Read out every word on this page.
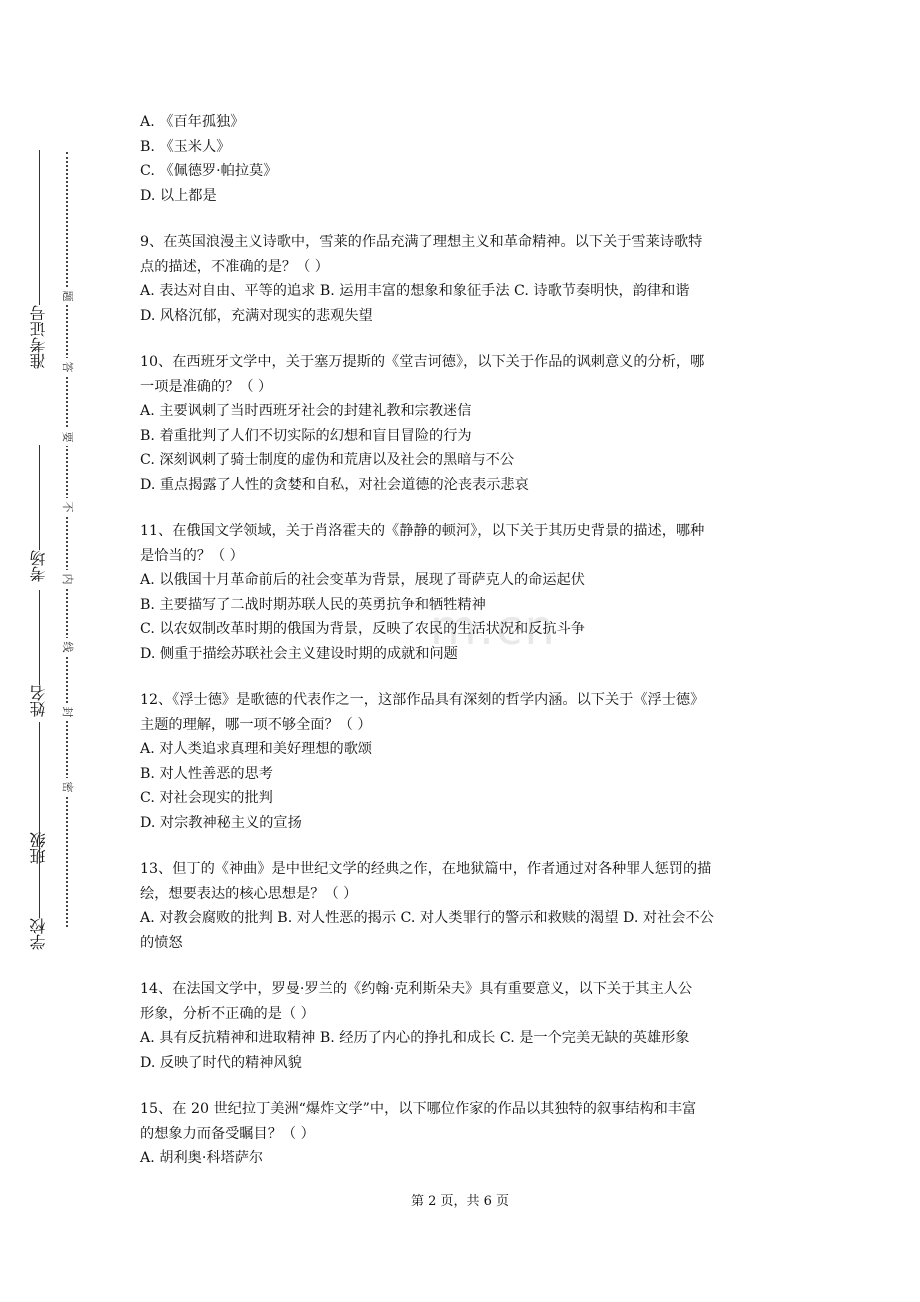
准考证号
考场
姓名
班级
学校
密
封
线
内
不
要
答
题
m.cn

A. 《百年孤独》

B. 《玉米人》

C. 《佩德罗·帕拉莫》

D. 以上都是

9、在英国浪漫主义诗歌中，雪莱的作品充满了理想主义和革命精神。以下关于雪莱诗歌特

点的描述，不准确的是？（ ）

A. 表达对自由、平等的追求 B. 运用丰富的想象和象征手法 C. 诗歌节奏明快，韵律和谐

D. 风格沉郁，充满对现实的悲观失望

10、在西班牙文学中，关于塞万提斯的《堂吉诃德》，以下关于作品的讽刺意义的分析，哪

一项是准确的？（ ）

A. 主要讽刺了当时西班牙社会的封建礼教和宗教迷信

B. 着重批判了人们不切实际的幻想和盲目冒险的行为

C. 深刻讽刺了骑士制度的虚伪和荒唐以及社会的黑暗与不公

D. 重点揭露了人性的贪婪和自私，对社会道德的沦丧表示悲哀

11、在俄国文学领域，关于肖洛霍夫的《静静的顿河》，以下关于其历史背景的描述，哪种

是恰当的？（ ）

A. 以俄国十月革命前后的社会变革为背景，展现了哥萨克人的命运起伏

B. 主要描写了二战时期苏联人民的英勇抗争和牺牲精神

C. 以农奴制改革时期的俄国为背景，反映了农民的生活状况和反抗斗争

D. 侧重于描绘苏联社会主义建设时期的成就和问题

12、《浮士德》是歌德的代表作之一，这部作品具有深刻的哲学内涵。以下关于《浮士德》

主题的理解，哪一项不够全面？（ ）

A. 对人类追求真理和美好理想的歌颂

B. 对人性善恶的思考

C. 对社会现实的批判

D. 对宗教神秘主义的宣扬

13、但丁的《神曲》是中世纪文学的经典之作，在地狱篇中，作者通过对各种罪人惩罚的描

绘，想要表达的核心思想是？（ ）

A. 对教会腐败的批判 B. 对人性恶的揭示 C. 对人类罪行的警示和救赎的渴望 D. 对社会不公

的愤怒

14、在法国文学中，罗曼·罗兰的《约翰·克利斯朵夫》具有重要意义，以下关于其主人公

形象，分析不正确的是（ ）

A. 具有反抗精神和进取精神 B. 经历了内心的挣扎和成长 C. 是一个完美无缺的英雄形象

D. 反映了时代的精神风貌

15、在 20 世纪拉丁美洲“爆炸文学”中，以下哪位作家的作品以其独特的叙事结构和丰富

的想象力而备受瞩目？（ ）

A. 胡利奥·科塔萨尔

第 2 页，共 6 页
